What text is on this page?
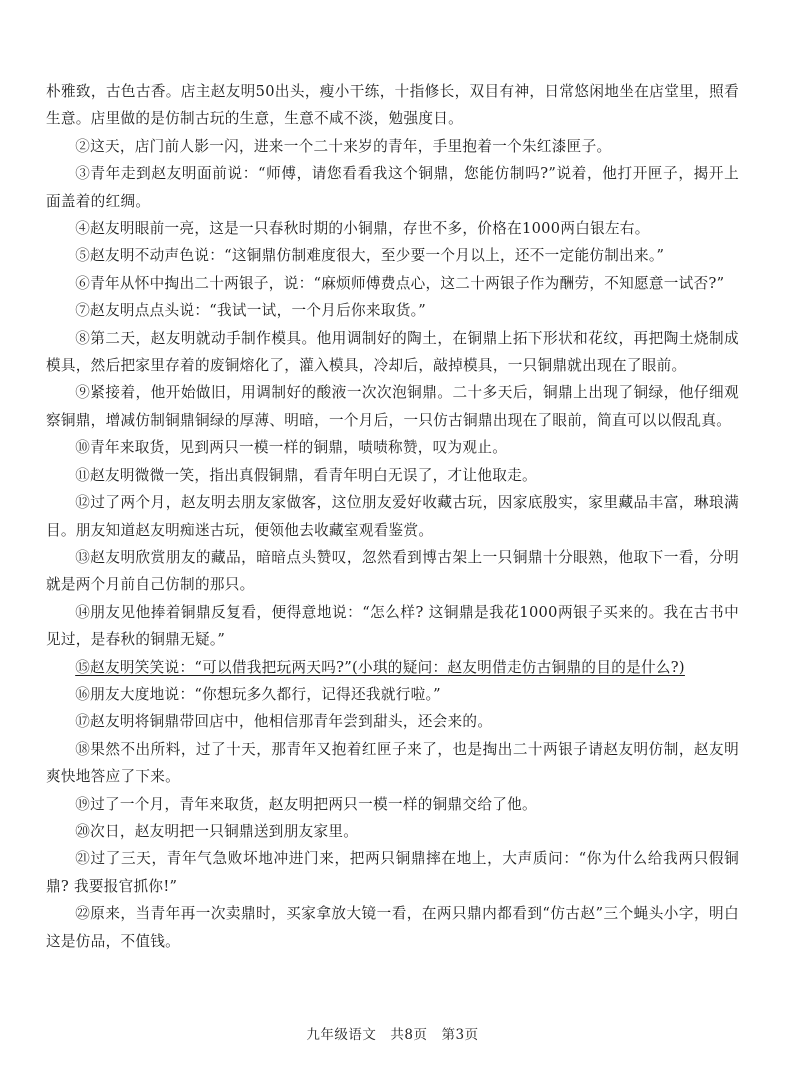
朴雅致，古色古香。店主赵友明50出头，瘦小干练，十指修长，双目有神，日常悠闲地坐在店堂里，照看生意。店里做的是仿制古玩的生意，生意不咸不淡，勉强度日。

②这天，店门前人影一闪，进来一个二十来岁的青年，手里抱着一个朱红漆匣子。

③青年走到赵友明面前说：“师傅，请您看看我这个铜鼎，您能仿制吗?”说着，他打开匣子，揭开上面盖着的红绸。

④赵友明眼前一亮，这是一只春秋时期的小铜鼎，存世不多，价格在1000两白银左右。

⑤赵友明不动声色说：“这铜鼎仿制难度很大，至少要一个月以上，还不一定能仿制出来。”

⑥青年从怀中掏出二十两银子，说：“麻烦师傅费点心，这二十两银子作为酬劳，不知愿意一试否?”

⑦赵友明点点头说：“我试一试，一个月后你来取货。”

⑧第二天，赵友明就动手制作模具。他用调制好的陶土，在铜鼎上拓下形状和花纹，再把陶土烧制成模具，然后把家里存着的废铜熔化了，灌入模具，冷却后，敲掉模具，一只铜鼎就出现在了眼前。

⑨紧接着，他开始做旧，用调制好的酸液一次次泡铜鼎。二十多天后，铜鼎上出现了铜绿，他仔细观察铜鼎，增减仿制铜鼎铜绿的厚薄、明暗，一个月后，一只仿古铜鼎出现在了眼前，简直可以以假乱真。

⑩青年来取货，见到两只一模一样的铜鼎，啧啧称赞，叹为观止。

⑪赵友明微微一笑，指出真假铜鼎，看青年明白无误了，才让他取走。

⑫过了两个月，赵友明去朋友家做客，这位朋友爱好收藏古玩，因家底殷实，家里藏品丰富，琳琅满目。朋友知道赵友明痴迷古玩，便领他去收藏室观看鉴赏。

⑬赵友明欣赏朋友的藏品，暗暗点头赞叹，忽然看到博古架上一只铜鼎十分眼熟，他取下一看，分明就是两个月前自己仿制的那只。

⑭朋友见他捧着铜鼎反复看，便得意地说：“怎么样? 这铜鼎是我花1000两银子买来的。我在古书中见过，是春秋的铜鼎无疑。”

⑮赵友明笑笑说：“可以借我把玩两天吗?”(小琪的疑问：赵友明借走仿古铜鼎的目的是什么?)

⑯朋友大度地说：“你想玩多久都行，记得还我就行啦。”

⑰赵友明将铜鼎带回店中，他相信那青年尝到甜头，还会来的。

⑱果然不出所料，过了十天，那青年又抱着红匣子来了，也是掏出二十两银子请赵友明仿制，赵友明爽快地答应了下来。

⑲过了一个月，青年来取货，赵友明把两只一模一样的铜鼎交给了他。

⑳次日，赵友明把一只铜鼎送到朋友家里。

㉑过了三天，青年气急败坏地冲进门来，把两只铜鼎摔在地上，大声质问：“你为什么给我两只假铜鼎? 我要报官抓你!”

㉒原来，当青年再一次卖鼎时，买家拿放大镜一看，在两只鼎内都看到“仿古赵”三个蝇头小字，明白这是仿品，不值钱。

九年级语文　共8页　第3页
